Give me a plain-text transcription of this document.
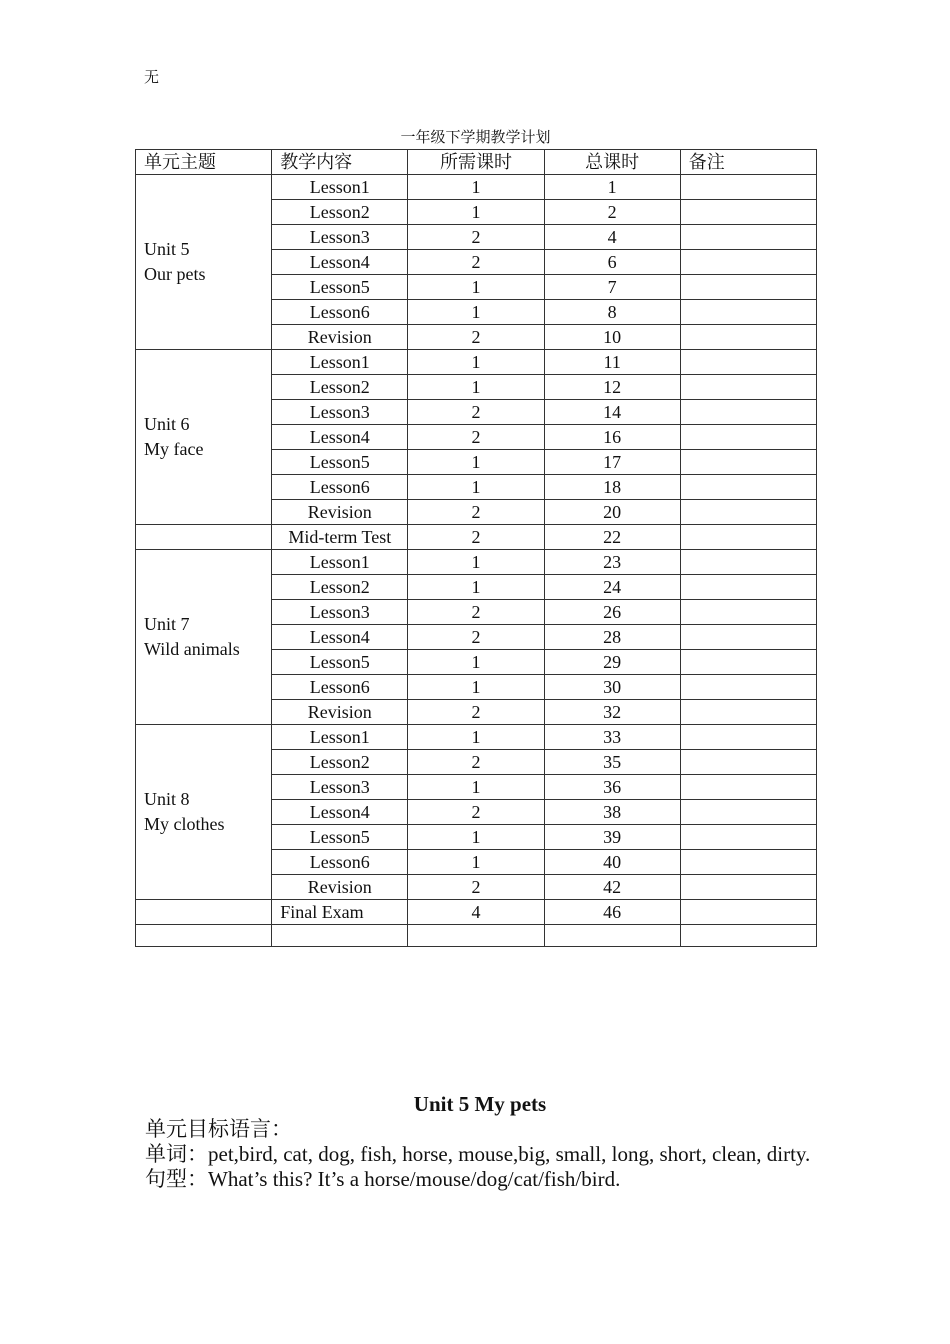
无
一年级下学期教学计划
单元主题	教学内容	所需课时	总课时	备注

Unit 5
Our pets	Lesson1	1	1	
	Lesson2	1	2	
	Lesson3	2	4	
	Lesson4	2	6	
	Lesson5	1	7	
	Lesson6	1	8	
	Revision	2	10	

Unit 6
My face	Lesson1	1	11	
	Lesson2	1	12	
	Lesson3	2	14	
	Lesson4	2	16	
	Lesson5	1	17	
	Lesson6	1	18	
	Revision	2	20	
	Mid-term Test	2	22	

Unit 7
Wild animals	Lesson1	1	23	
	Lesson2	1	24	
	Lesson3	2	26	
	Lesson4	2	28	
	Lesson5	1	29	
	Lesson6	1	30	
	Revision	2	32	

Unit 8
My clothes	Lesson1	1	33	
	Lesson2	2	35	
	Lesson3	1	36	
	Lesson4	2	38	
	Lesson5	1	39	
	Lesson6	1	40	
	Revision	2	42	
	Final Exam	4	46	

Unit 5 My pets

单元目标语言：

单词：pet,bird, cat, dog, fish, horse, mouse,big, small, long, short, clean, dirty.

句型：What’s this? It’s a horse/mouse/dog/cat/fish/bird.
